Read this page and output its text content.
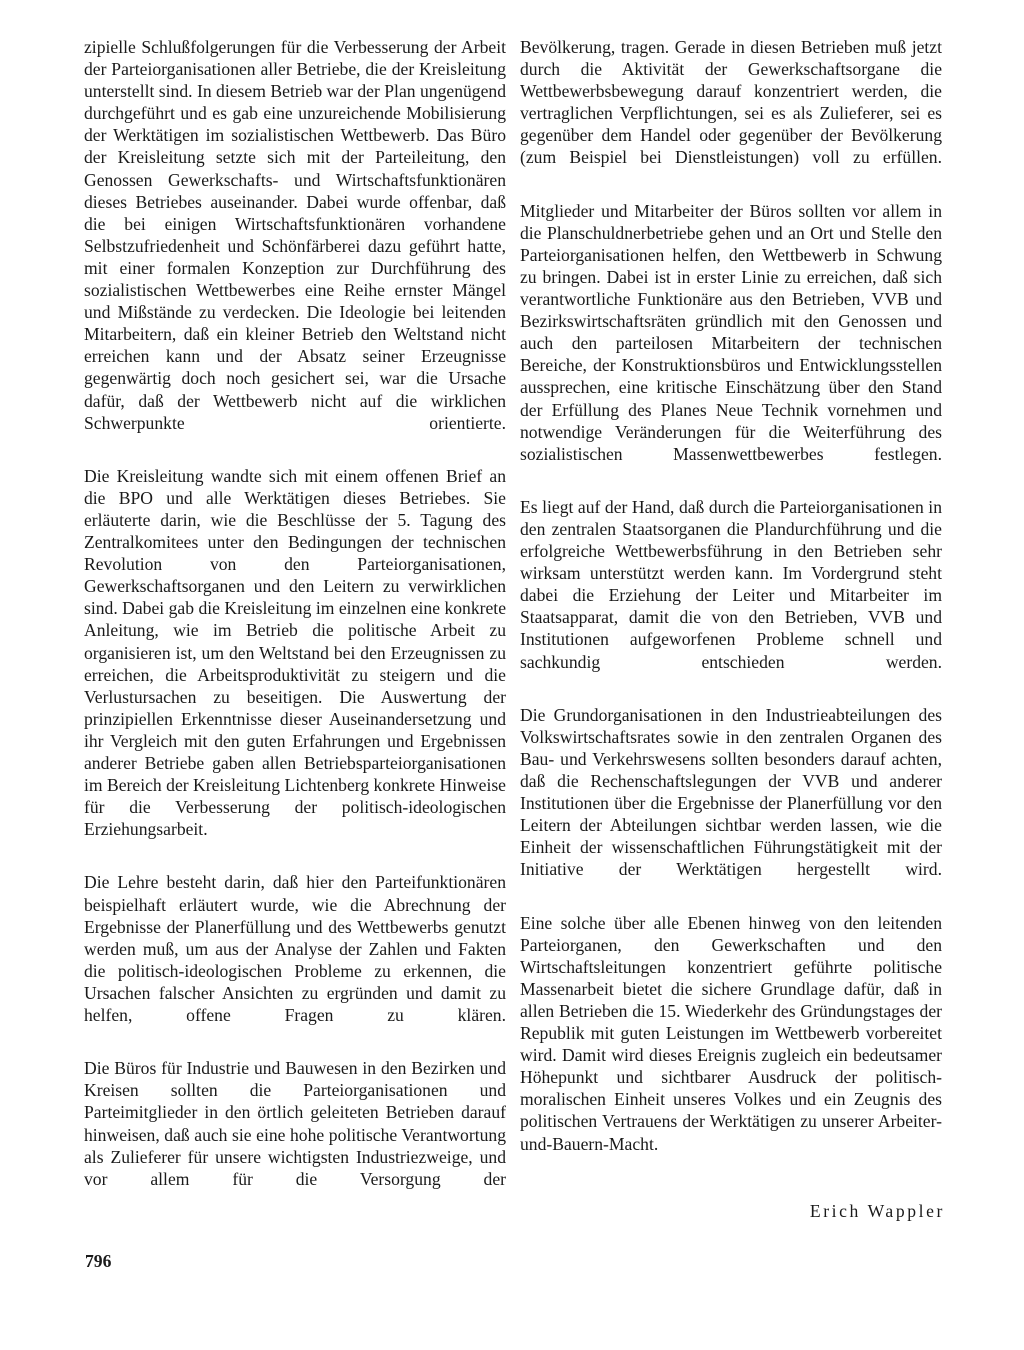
zipielle Schlußfolgerungen für die Verbesserung der Arbeit der Parteiorganisationen aller Betriebe, die der Kreisleitung unterstellt sind. In diesem Betrieb war der Plan ungenügend durchgeführt und es gab eine unzureichende Mobilisierung der Werktätigen im sozialistischen Wettbewerb. Das Büro der Kreisleitung setzte sich mit der Parteileitung, den Genossen Gewerkschafts- und Wirtschaftsfunktionären dieses Betriebes auseinander. Dabei wurde offenbar, daß die bei einigen Wirtschaftsfunktionären vorhandene Selbstzufriedenheit und Schönfärberei dazu geführt hatte, mit einer formalen Konzeption zur Durchführung des sozialistischen Wettbewerbes eine Reihe ernster Mängel und Mißstände zu verdecken. Die Ideologie bei leitenden Mitarbeitern, daß ein kleiner Betrieb den Weltstand nicht erreichen kann und der Absatz seiner Erzeugnisse gegenwärtig doch noch gesichert sei, war die Ursache dafür, daß der Wettbewerb nicht auf die wirklichen Schwerpunkte orientierte.

Die Kreisleitung wandte sich mit einem offenen Brief an die BPO und alle Werktätigen dieses Betriebes. Sie erläuterte darin, wie die Beschlüsse der 5. Tagung des Zentralkomitees unter den Bedingungen der technischen Revolution von den Parteiorganisationen, Gewerkschaftsorganen und den Leitern zu verwirklichen sind. Dabei gab die Kreisleitung im einzelnen eine konkrete Anleitung, wie im Betrieb die politische Arbeit zu organisieren ist, um den Weltstand bei den Erzeugnissen zu erreichen, die Arbeitsproduktivität zu steigern und die Verlustursachen zu beseitigen. Die Auswertung der prinzipiellen Erkenntnisse dieser Auseinandersetzung und ihr Vergleich mit den guten Erfahrungen und Ergebnissen anderer Betriebe gaben allen Betriebsparteiorganisationen im Bereich der Kreisleitung Lichtenberg konkrete Hinweise für die Verbesserung der politisch-ideologischen Erziehungsarbeit.

Die Lehre besteht darin, daß hier den Parteifunktionären beispielhaft erläutert wurde, wie die Abrechnung der Ergebnisse der Planerfüllung und des Wettbewerbs genutzt werden muß, um aus der Analyse der Zahlen und Fakten die politisch-ideologischen Probleme zu erkennen, die Ursachen falscher Ansichten zu ergründen und damit zu helfen, offene Fragen zu klären.

Die Büros für Industrie und Bauwesen in den Bezirken und Kreisen sollten die Parteiorganisationen und Parteimitglieder in den örtlich geleiteten Betrieben darauf hinweisen, daß auch sie eine hohe politische Verantwortung als Zulieferer für unsere wichtigsten Industriezweige, und vor allem für die Versorgung der

Bevölkerung, tragen. Gerade in diesen Betrieben muß jetzt durch die Aktivität der Gewerkschaftsorgane die Wettbewerbsbewegung darauf konzentriert werden, die vertraglichen Verpflichtungen, sei es als Zulieferer, sei es gegenüber dem Handel oder gegenüber der Bevölkerung (zum Beispiel bei Dienstleistungen) voll zu erfüllen.

Mitglieder und Mitarbeiter der Büros sollten vor allem in die Planschuldnerbetriebe gehen und an Ort und Stelle den Parteiorganisationen helfen, den Wettbewerb in Schwung zu bringen. Dabei ist in erster Linie zu erreichen, daß sich verantwortliche Funktionäre aus den Betrieben, VVB und Bezirkswirtschaftsräten gründlich mit den Genossen und auch den parteilosen Mitarbeitern der technischen Bereiche, der Konstruktionsbüros und Entwicklungsstellen aussprechen, eine kritische Einschätzung über den Stand der Erfüllung des Planes Neue Technik vornehmen und notwendige Veränderungen für die Weiterführung des sozialistischen Massenwettbewerbes festlegen.

Es liegt auf der Hand, daß durch die Parteiorganisationen in den zentralen Staatsorganen die Plandurchführung und die erfolgreiche Wettbewerbsführung in den Betrieben sehr wirksam unterstützt werden kann. Im Vordergrund steht dabei die Erziehung der Leiter und Mitarbeiter im Staatsapparat, damit die von den Betrieben, VVB und Institutionen aufgeworfenen Probleme schnell und sachkundig entschieden werden.

Die Grundorganisationen in den Industrieabteilungen des Volkswirtschaftsrates sowie in den zentralen Organen des Bau- und Verkehrswesens sollten besonders darauf achten, daß die Rechenschaftslegungen der VVB und anderer Institutionen über die Ergebnisse der Planerfüllung vor den Leitern der Abteilungen sichtbar werden lassen, wie die Einheit der wissenschaftlichen Führungstätigkeit mit der Initiative der Werktätigen hergestellt wird.

Eine solche über alle Ebenen hinweg von den leitenden Parteiorganen, den Gewerkschaften und den Wirtschaftsleitungen konzentriert geführte politische Massenarbeit bietet die sichere Grundlage dafür, daß in allen Betrieben die 15. Wiederkehr des Gründungstages der Republik mit guten Leistungen im Wettbewerb vorbereitet wird. Damit wird dieses Ereignis zugleich ein bedeutsamer Höhepunkt und sichtbarer Ausdruck der politisch-moralischen Einheit unseres Volkes und ein Zeugnis des politischen Vertrauens der Werktätigen zu unserer Arbeiter-und-Bauern-Macht.

Erich Wappler
796
